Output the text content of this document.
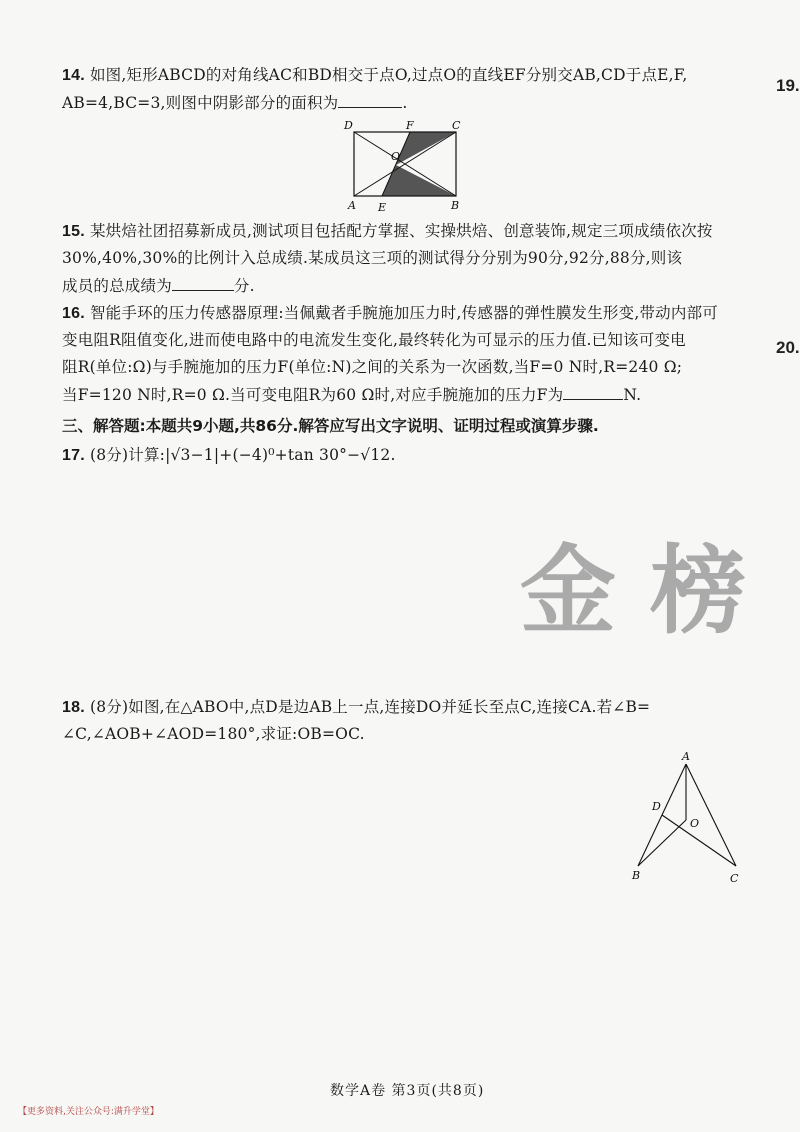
19.
20.
14. 如图,矩形ABCD的对角线AC和BD相交于点O,过点O的直线EF分别交AB,CD于点E,F,
AB=4,BC=3,则图中阴影部分的面积为	.
D	F	C
O
A E	B
15. 某烘焙社团招募新成员,测试项目包括配方掌握、实操烘焙、创意装饰,规定三项成绩依次按
30%,40%,30%的比例计入总成绩.某成员这三项的测试得分分别为90分,92分,88分,则该
成员的总成绩为	分.
16. 智能手环的压力传感器原理:当佩戴者手腕施加压力时,传感器的弹性膜发生形变,带动内部可
变电阻R阻值变化,进而使电路中的电流发生变化,最终转化为可显示的压力值.已知该可变电
阻R(单位:Ω)与手腕施加的压力F(单位:N)之间的关系为一次函数,当F=0 N时,R=240 Ω;
当F=120 N时,R=0 Ω.当可变电阻R为60 Ω时,对应手腕施加的压力F为	N.
三、解答题:本题共9小题,共86分.解答应写出文字说明、证明过程或演算步骤.
17. (8分)计算:|√3−1|+(−4)⁰+tan 30°−√12.
金榜
18. (8分)如图,在△ABO中,点D是边AB上一点,连接DO并延长至点C,连接CA.若∠B=
∠C,∠AOB+∠AOD=180°,求证:OB=OC.
A
D
O
B	C
数学A卷 第3页(共8页)
【更多资料,关注公众号:满升学堂】
